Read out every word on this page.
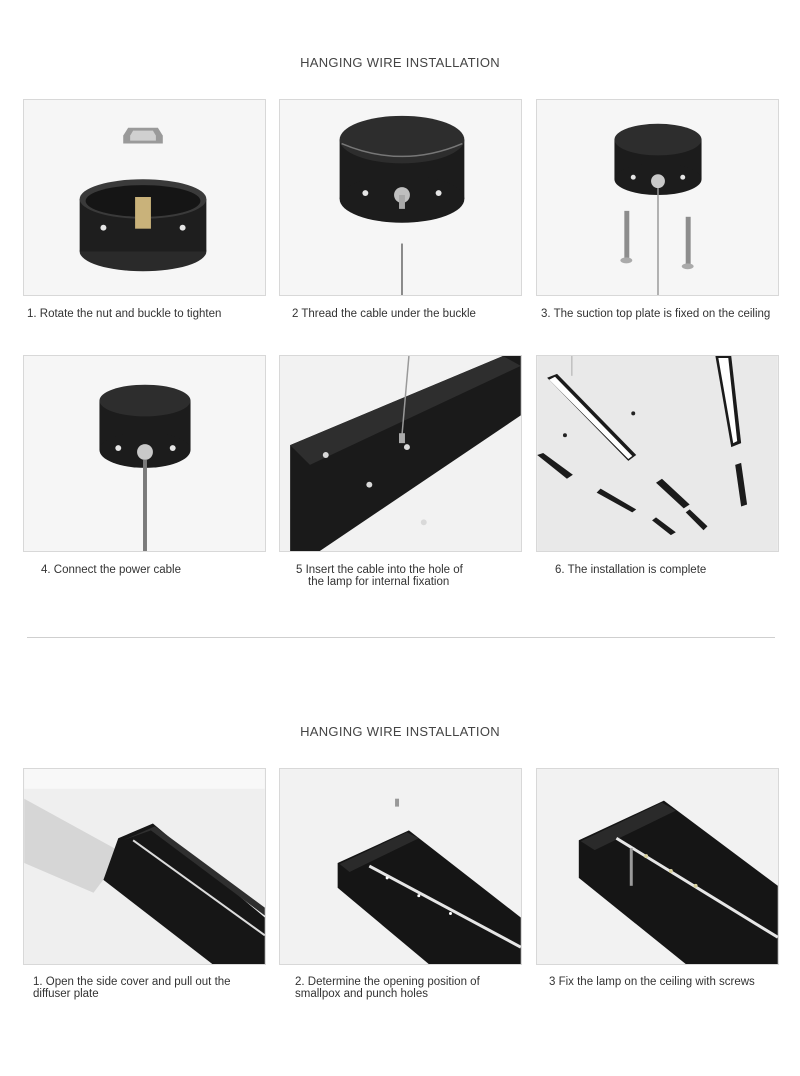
HANGING WIRE INSTALLATION
1. Rotate the nut and buckle to tighten	2 Thread the cable under the buckle	3. The suction top plate is fixed on the ceiling
4. Connect the power cable	5 Insert the cable into the hole of
the lamp for internal fixation
6. The installation is complete
HANGING WIRE INSTALLATION
1. Open the side cover and pull out the
diffuser plate
2. Determine the opening position of
smallpox and punch holes
3 Fix the lamp on the ceiling with screws
